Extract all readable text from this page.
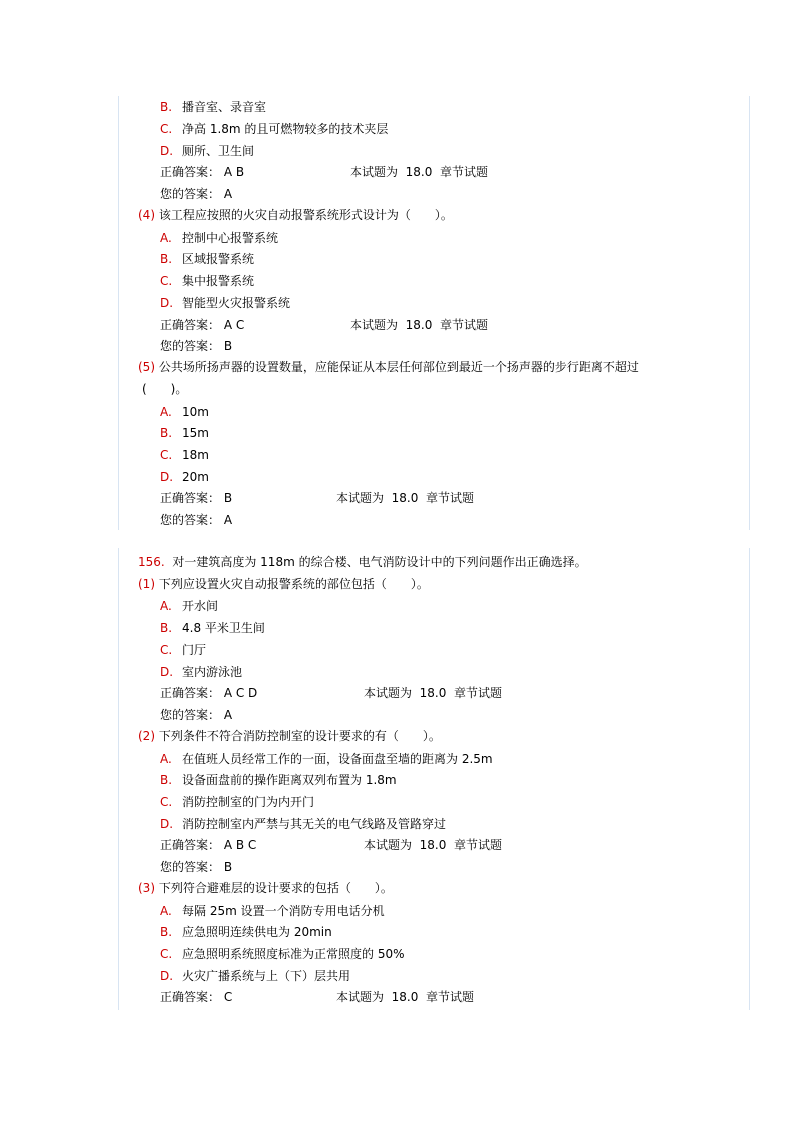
B. 播音室、录音室
C. 净高 1.8m 的且可燃物较多的技术夹层
D. 厕所、卫生间
正确答案： A B	本试题为 18.0 章节试题
您的答案： A
(4) 该工程应按照的火灾自动报警系统形式设计为（　　）。
A. 控制中心报警系统
B. 区域报警系统
C. 集中报警系统
D. 智能型火灾报警系统
正确答案： A C	本试题为 18.0 章节试题
您的答案： B
(5) 公共场所扬声器的设置数量，应能保证从本层任何部位到最近一个扬声器的步行距离不超过
(　　)。
A. 10m
B. 15m
C. 18m
D. 20m
正确答案： B	本试题为 18.0 章节试题
您的答案： A
156. 对一建筑高度为 118m 的综合楼、电气消防设计中的下列问题作出正确选择。
(1) 下列应设置火灾自动报警系统的部位包括（　　）。
A. 开水间
B. 4.8 平米卫生间
C. 门厅
D. 室内游泳池
正确答案： A C D	本试题为 18.0 章节试题
您的答案： A
(2) 下列条件不符合消防控制室的设计要求的有（　　）。
A. 在值班人员经常工作的一面，设备面盘至墙的距离为 2.5m
B. 设备面盘前的操作距离双列布置为 1.8m
C. 消防控制室的门为内开门
D. 消防控制室内严禁与其无关的电气线路及管路穿过
正确答案： A B C	本试题为 18.0 章节试题
您的答案： B
(3) 下列符合避难层的设计要求的包括（　　）。
A. 每隔 25m 设置一个消防专用电话分机
B. 应急照明连续供电为 20min
C. 应急照明系统照度标准为正常照度的 50%
D. 火灾广播系统与上（下）层共用
正确答案： C	本试题为 18.0 章节试题
